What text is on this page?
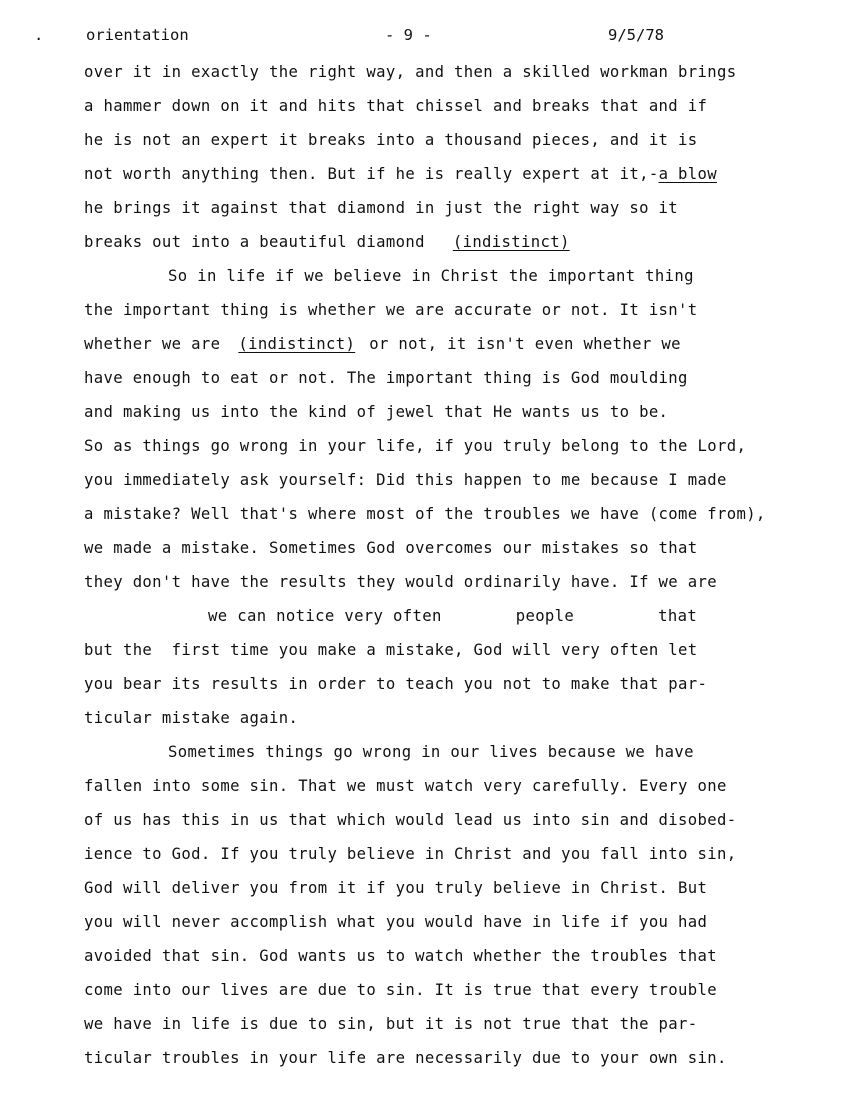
.	orientation	- 9 -	9/5/78
over it in exactly the right way, and then a skilled workman brings
a hammer down on it and hits that chissel and breaks that and if
he is not an expert it breaks into a thousand pieces, and it is
not worth anything then. But if he is really expert at it,-a blow
he brings it against that diamond in just the right way so it
breaks out into a beautiful diamond (indistinct)
So in life if we believe in Christ the important thing
the important thing is whether we are accurate or not. It isn't
whether we are (indistinct) or not, it isn't even whether we
have enough to eat or not. The important thing is God moulding
and making us into the kind of jewel that He wants us to be.
So as things go wrong in your life, if you truly belong to the Lord,
you immediately ask yourself: Did this happen to me because I made
a mistake? Well that's where most of the troubles we have (come from),
we made a mistake. Sometimes God overcomes our mistakes so that
they don't have the results they would ordinarily have. If we are
we can notice very often	people	that
but the  first time you make a mistake, God will very often let
you bear its results in order to teach you not to make that par-
ticular mistake again.
Sometimes things go wrong in our lives because we have
fallen into some sin. That we must watch very carefully. Every one
of us has this in us that which would lead us into sin and disobed-
ience to God. If you truly believe in Christ and you fall into sin,
God will deliver you from it if you truly believe in Christ. But
you will never accomplish what you would have in life if you had
avoided that sin. God wants us to watch whether the troubles that
come into our lives are due to sin. It is true that every trouble
we have in life is due to sin, but it is not true that the par-
ticular troubles in your life are necessarily due to your own sin.
